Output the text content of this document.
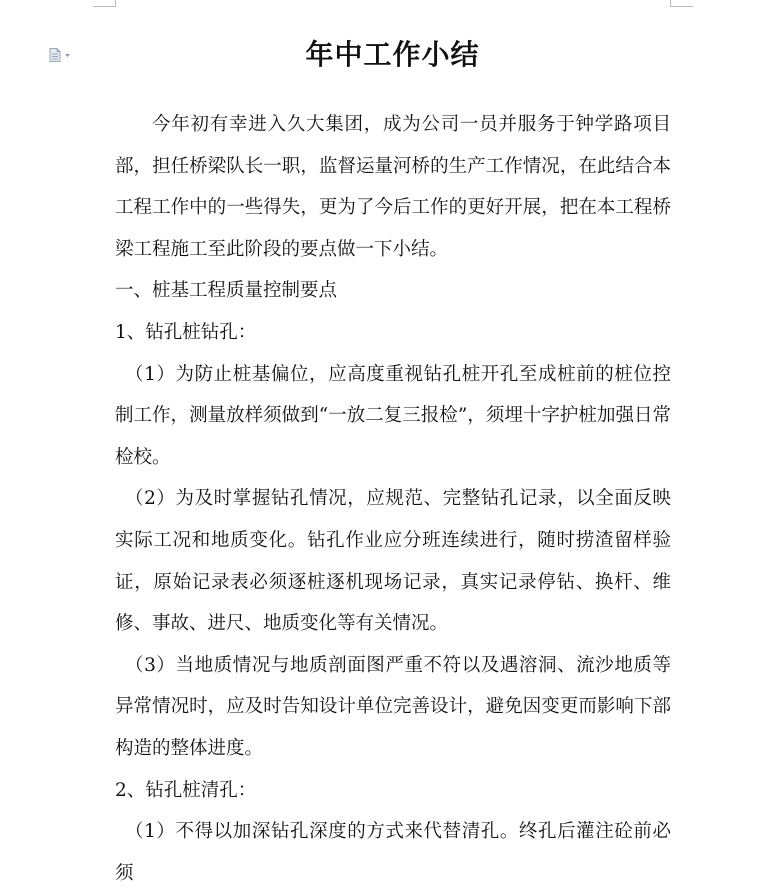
年中工作小结

今年初有幸进入久大集团，成为公司一员并服务于钟学路项目部，担任桥梁队长一职，监督运量河桥的生产工作情况，在此结合本工程工作中的一些得失，更为了今后工作的更好开展，把在本工程桥梁工程施工至此阶段的要点做一下小结。

一、桩基工程质量控制要点

1、钻孔桩钻孔：

（1）为防止桩基偏位，应高度重视钻孔桩开孔至成桩前的桩位控制工作，测量放样须做到“一放二复三报检”，须埋十字护桩加强日常检校。

（2）为及时掌握钻孔情况，应规范、完整钻孔记录，以全面反映实际工况和地质变化。钻孔作业应分班连续进行，随时捞渣留样验证，原始记录表必须逐桩逐机现场记录，真实记录停钻、换杆、维修、事故、进尺、地质变化等有关情况。

（3）当地质情况与地质剖面图严重不符以及遇溶洞、流沙地质等异常情况时，应及时告知设计单位完善设计，避免因变更而影响下部构造的整体进度。

2、钻孔桩清孔：

（1）不得以加深钻孔深度的方式来代替清孔。终孔后灌注砼前必须
